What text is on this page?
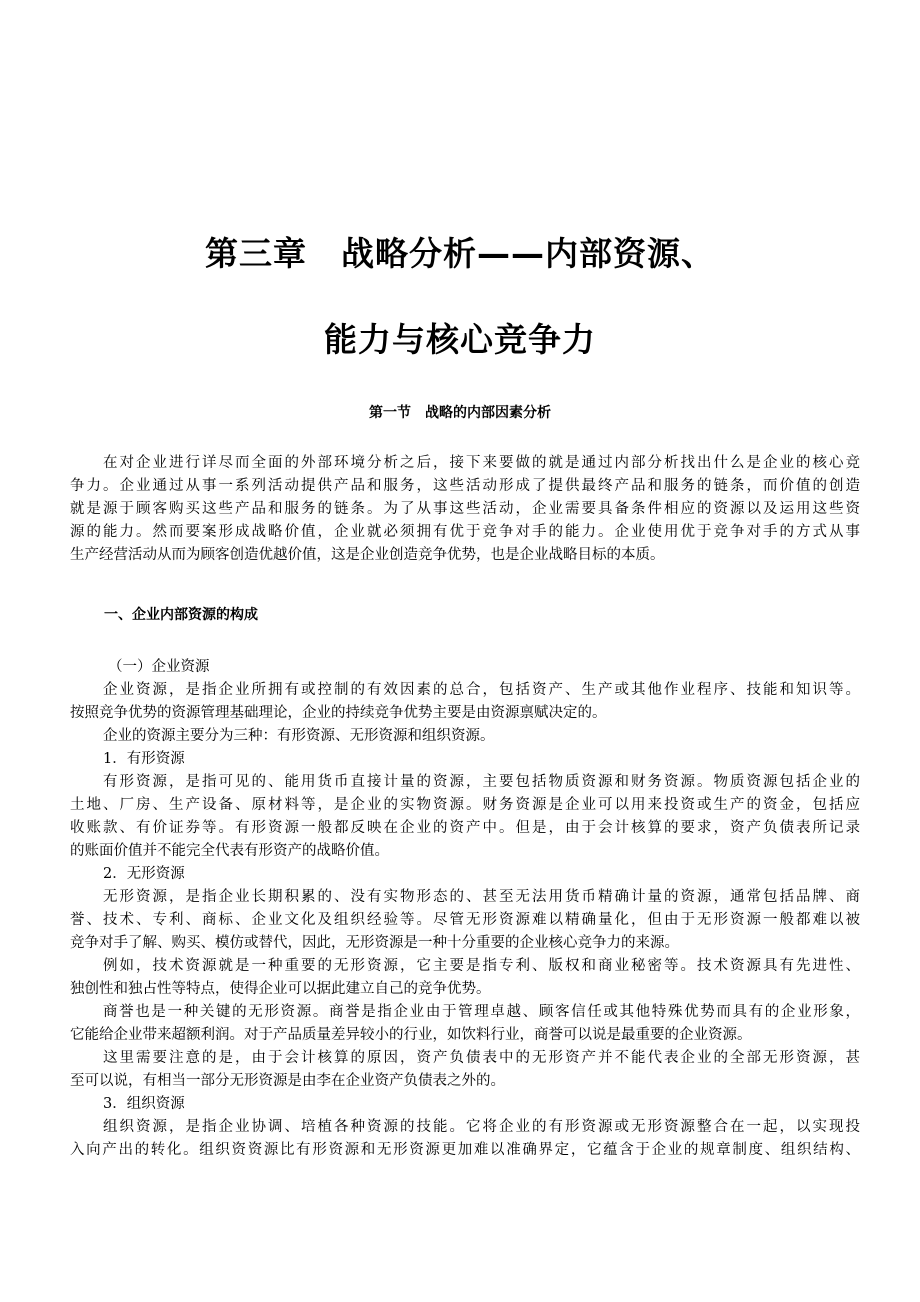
第三章　战略分析——内部资源、
能力与核心竞争力
第一节　战略的内部因素分析
在对企业进行详尽而全面的外部环境分析之后，接下来要做的就是通过内部分析找出什么是企业的核心竞
争力。企业通过从事一系列活动提供产品和服务，这些活动形成了提供最终产品和服务的链条，而价值的创造
就是源于顾客购买这些产品和服务的链条。为了从事这些活动，企业需要具备条件相应的资源以及运用这些资
源的能力。然而要案形成战略价值，企业就必须拥有优于竞争对手的能力。企业使用优于竞争对手的方式从事
生产经营活动从而为顾客创造优越价值，这是企业创造竞争优势，也是企业战略目标的本质。
一、企业内部资源的构成
（一）企业资源
企业资源，是指企业所拥有或控制的有效因素的总合，包括资产、生产或其他作业程序、技能和知识等。
按照竞争优势的资源管理基础理论，企业的持续竞争优势主要是由资源禀赋决定的。
企业的资源主要分为三种：有形资源、无形资源和组织资源。
1．有形资源
有形资源，是指可见的、能用货币直接计量的资源，主要包括物质资源和财务资源。物质资源包括企业的
土地、厂房、生产设备、原材料等，是企业的实物资源。财务资源是企业可以用来投资或生产的资金，包括应
收账款、有价证券等。有形资源一般都反映在企业的资产中。但是，由于会计核算的要求，资产负债表所记录
的账面价值并不能完全代表有形资产的战略价值。
2．无形资源
无形资源，是指企业长期积累的、没有实物形态的、甚至无法用货币精确计量的资源，通常包括品牌、商
誉、技术、专利、商标、企业文化及组织经验等。尽管无形资源难以精确量化，但由于无形资源一般都难以被
竞争对手了解、购买、模仿或替代，因此，无形资源是一种十分重要的企业核心竞争力的来源。
例如，技术资源就是一种重要的无形资源，它主要是指专利、版权和商业秘密等。技术资源具有先进性、
独创性和独占性等特点，使得企业可以据此建立自己的竞争优势。
商誉也是一种关键的无形资源。商誉是指企业由于管理卓越、顾客信任或其他特殊优势而具有的企业形象，
它能给企业带来超额利润。对于产品质量差异较小的行业，如饮料行业，商誉可以说是最重要的企业资源。
这里需要注意的是，由于会计核算的原因，资产负债表中的无形资产并不能代表企业的全部无形资源，甚
至可以说，有相当一部分无形资源是由李在企业资产负债表之外的。
3．组织资源
组织资源，是指企业协调、培植各种资源的技能。它将企业的有形资源或无形资源整合在一起，以实现投
入向产出的转化。组织资资源比有形资源和无形资源更加难以准确界定，它蕴含于企业的规章制度、组织结构、
